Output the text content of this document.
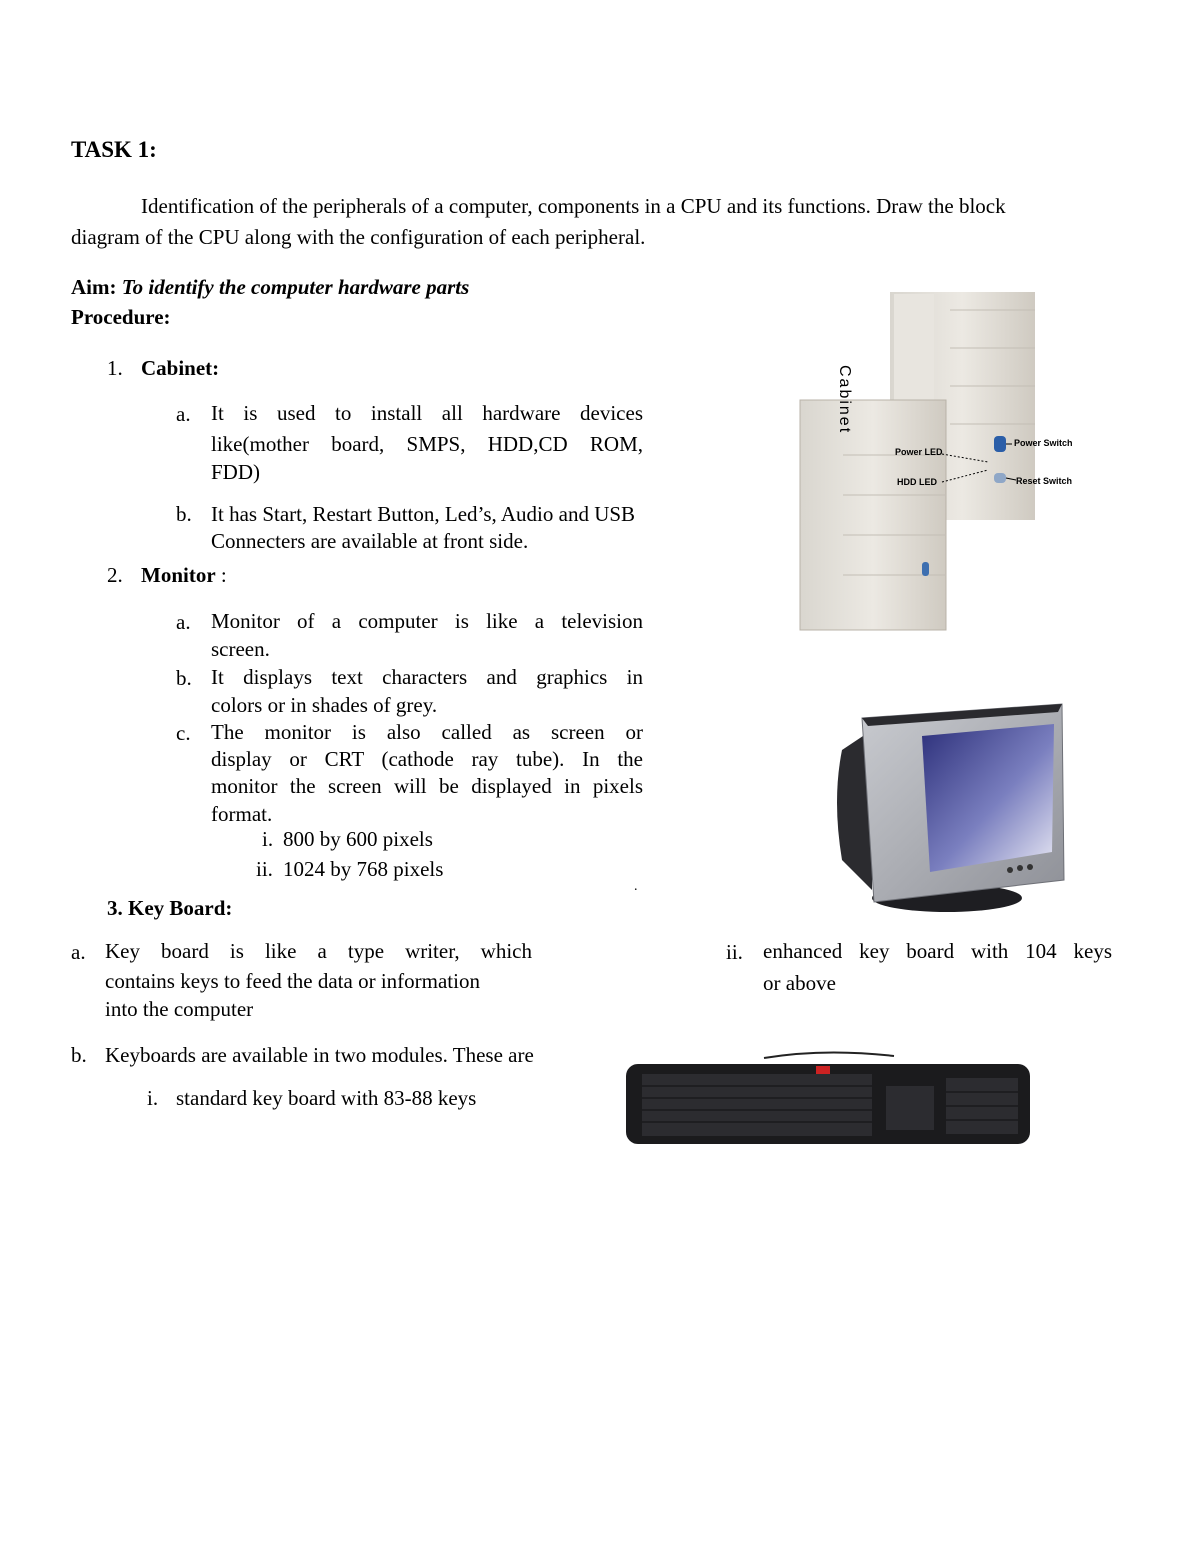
TASK 1:
Identification of the peripherals of a computer, components in a CPU and its functions. Draw the block
diagram of the CPU along with the configuration of each peripheral.
Aim: To identify the computer hardware parts
Procedure:
1. Cabinet:
a. It is used to install all hardware devices
like(mother board, SMPS, HDD,CD ROM,
FDD)
b. It has Start, Restart Button, Led’s, Audio and USB
Connecters are available at front side.
2. Monitor :
a. Monitor of a computer is like a television
screen.
b. It displays text characters and graphics in
colors or in shades of grey.
c. The monitor is also called as screen or
display or CRT (cathode ray tube). In the
monitor the screen will be displayed in pixels
format.
i. 800 by 600 pixels
ii. 1024 by 768 pixels
.
3. Key Board:
a. Key board is like a type writer, which
contains keys to feed the data or information
into the computer
b. Keyboards are available in two modules. These are
i. standard key board with 83-88 keys
ii. enhanced key board with 104 keys
or above
Cabinet
Power LED
HDD LED
Power Switch
Reset Switch
